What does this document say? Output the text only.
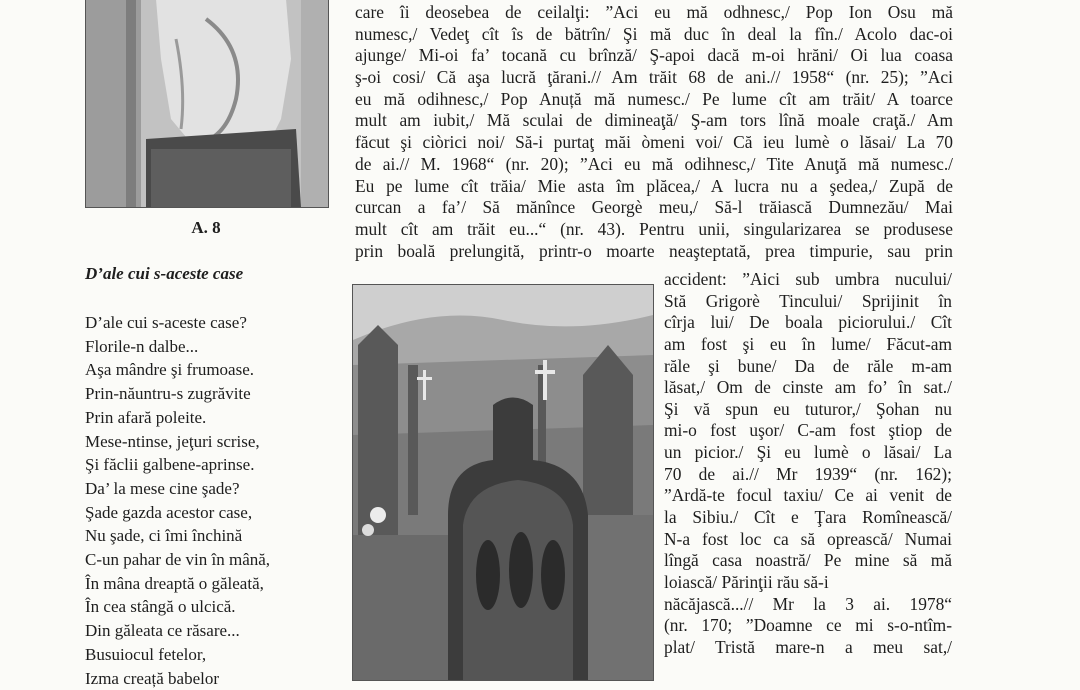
A. 8
D’ale cui s-aceste case
D’ale cui s-aceste case?
Florile-n dalbe...
Aşa mândre şi frumoase.
Prin-năuntru-s zugrăvite
Prin afară poleite.
Mese-ntinse, jeţuri scrise,
Şi făclii galbene-aprinse.
Da’ la mese cine şade?
Şade gazda acestor case,
Nu şade, ci îmi închină
C-un pahar de vin în mână,
În mâna dreaptă o găleată,
În cea stângă o ulcică.
Din găleata ce răsare...
Busuiocul fetelor,
Izma creață babelor
care îi deosebea de ceilalţi: ”Aci eu mă odhnesc,/ Pop Ion Osu mă
numesc,/ Vedeţ cît îs de bătrîn/ Şi mă duc în deal la fîn./ Acolo dac-oi
ajunge/ Mi-oi fa’ tocană cu brînză/ Ş-apoi dacă m-oi hrăni/ Oi lua coasa
ş-oi cosi/ Că aşa lucră ţărani.// Am trăit 68 de ani.// 1958“ (nr. 25); ”Aci
eu mă odihnesc,/ Pop Anuță mă numesc./ Pe lume cît am trăit/ A toarce
mult am iubit,/ Mă sculai de dimineaţă/ Ş-am tors lînă moale craţă./ Am
făcut şi ciòrici noi/ Să-i purtaţ măi òmeni voi/ Că ieu lumè o lăsai/ La 70
de ai.// M. 1968“ (nr. 20); ”Aci eu mă odihnesc,/ Tite Anuţă mă numesc./
Eu pe lume cît trăia/ Mie asta îm plăcea,/ A lucra nu a şedea,/ Zupă de
curcan a fa’/ Să mănînce Georgè meu,/ Să-l trăiască Dumnezău/ Mai
mult cît am trăit eu...“ (nr. 43). Pentru unii, singularizarea se produsese
prin boală prelungită, printr-o moarte neaşteptată, prea timpurie, sau prin
accident: ”Aici sub umbra nucului/
Stă Grigorè Tincului/ Sprijinit în
cîrja lui/ De boala piciorului./ Cît
am fost şi eu în lume/ Făcut-am
răle şi bune/ Da de răle m-am
lăsat,/ Om de cinste am fo’ în sat./
Şi vă spun eu tuturor,/ Şohan nu
mi-o fost uşor/ C-am fost ştiop de
un picior./ Şi eu lumè o lăsai/ La
70 de ai.// Mr 1939“ (nr. 162);
”Ardă-te focul taxiu/ Ce ai venit de
la Sibiu./ Cît e Ţara Romînească/
N-a fost loc ca să oprească/ Numai
lîngă casa noastră/ Pe mine să mă
loiască/ Părinţii rău să-i
năcăjască...// Mr la 3 ai. 1978“
(nr. 170; ”Doamne ce mi s-o-ntîm-
plat/ Tristă mare-n a meu sat,/
